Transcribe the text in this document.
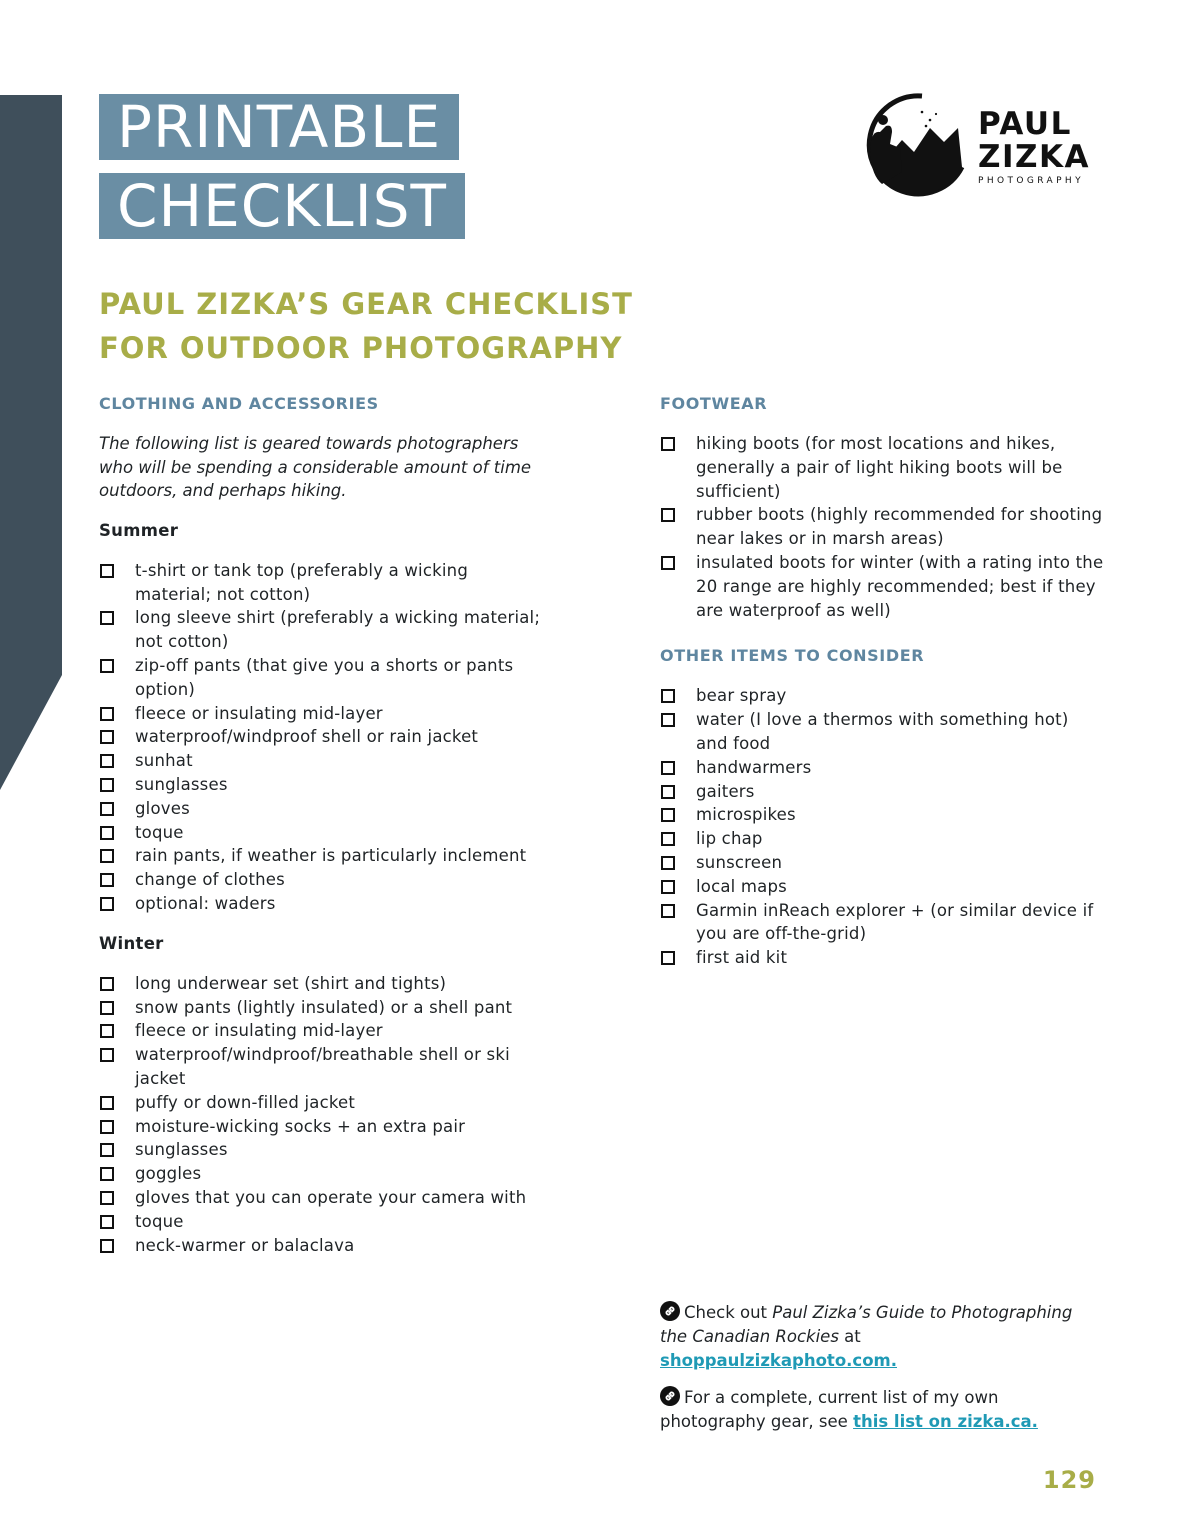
PRINTABLE
CHECKLIST
PAUL
ZIZKA
PHOTOGRAPHY
PAUL ZIZKA’S GEAR CHECKLIST
FOR OUTDOOR PHOTOGRAPHY
CLOTHING AND ACCESSORIES

The following list is geared towards photographers who will be spending a considerable amount of time outdoors, and perhaps hiking.

Summer
t-shirt or tank top (preferably a wicking material; not cotton)
long sleeve shirt (preferably a wicking material; not cotton)
zip-off pants (that give you a shorts or pants option)
fleece or insulating mid-layer
waterproof/windproof shell or rain jacket
sunhat
sunglasses
gloves
toque
rain pants, if weather is particularly inclement
change of clothes
optional: waders
Winter
long underwear set (shirt and tights)
snow pants (lightly insulated) or a shell pant
fleece or insulating mid-layer
waterproof/windproof/breathable shell or ski jacket
puffy or down-filled jacket
moisture-wicking socks + an extra pair
sunglasses
goggles
gloves that you can operate your camera with
toque
neck-warmer or balaclava
FOOTWEAR
hiking boots (for most locations and hikes, generally a pair of light hiking boots will be sufficient)
rubber boots (highly recommended for shooting near lakes or in marsh areas)
insulated boots for winter (with a rating into the 20 range are highly recommended; best if they are waterproof as well)
OTHER ITEMS TO CONSIDER
bear spray
water (I love a thermos with something hot) and food
handwarmers
gaiters
microspikes
lip chap
sunscreen
local maps
Garmin inReach explorer + (or similar device if you are off-the-grid)
first aid kit

Check out Paul Zizka’s Guide to Photographing the Canadian Rockies at shoppaulzizkaphoto.com.

For a complete, current list of my own photography gear, see this list on zizka.ca.

129
